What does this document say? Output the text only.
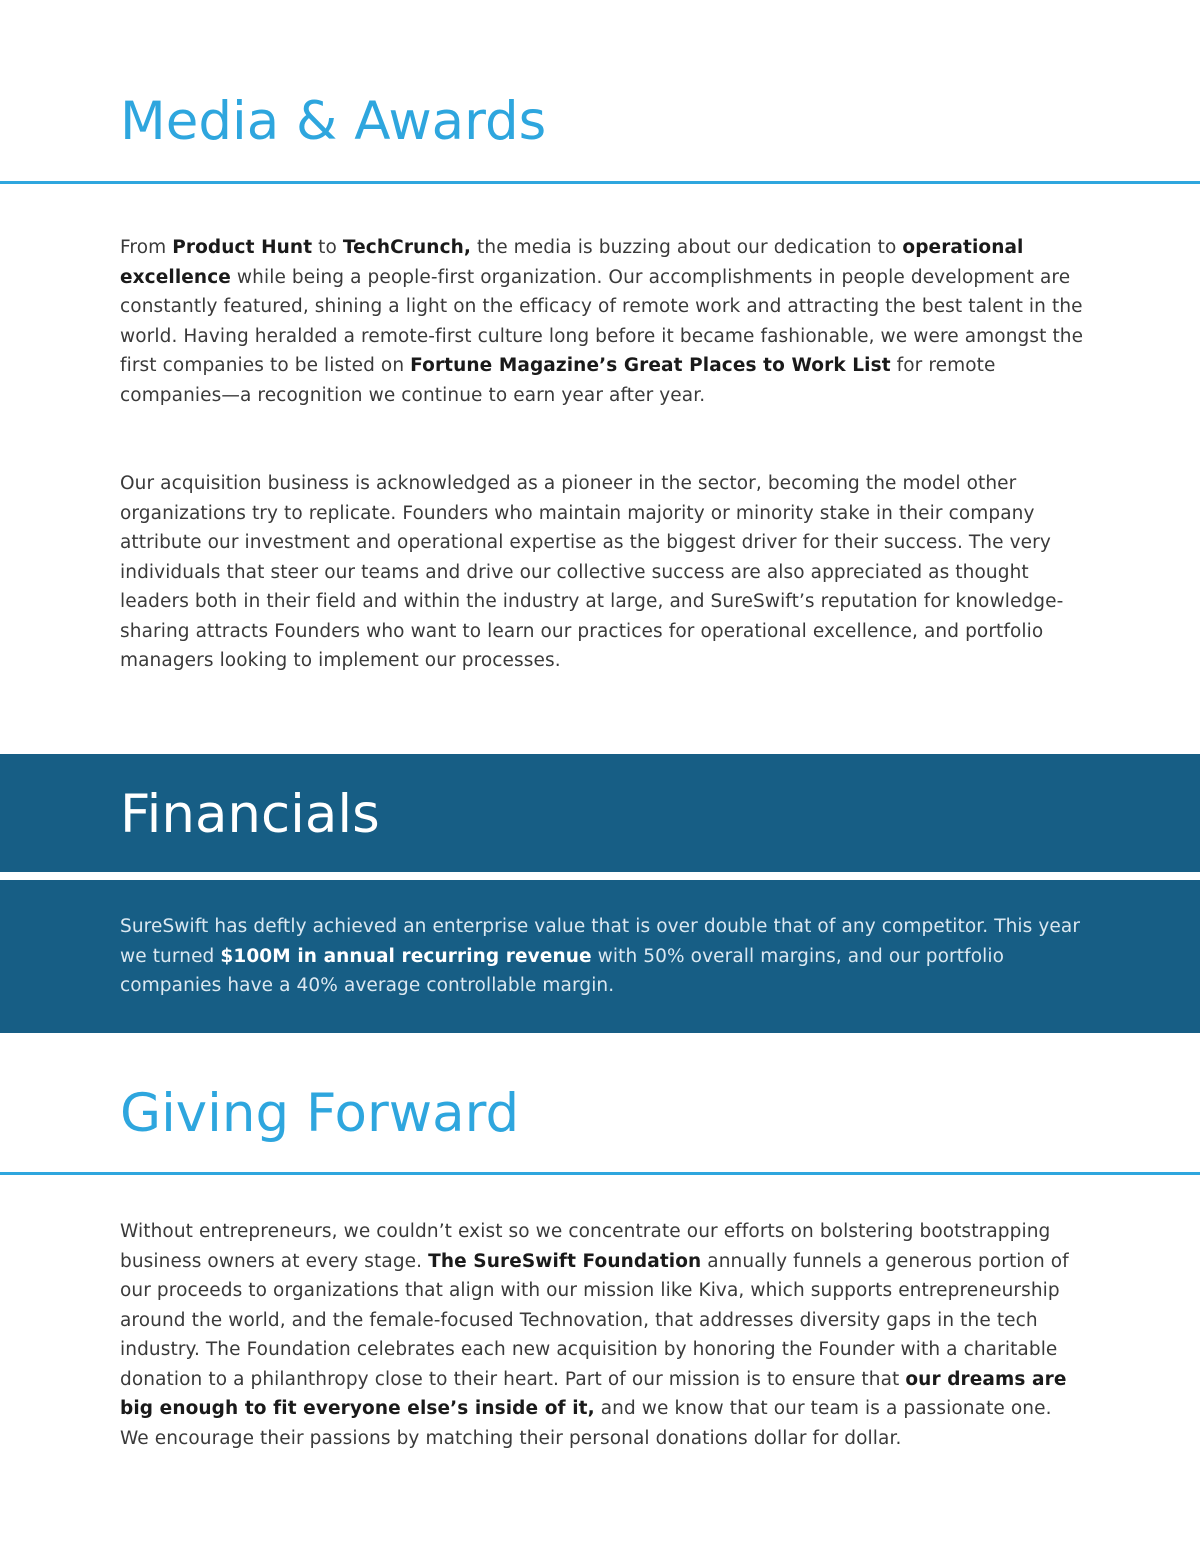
Media & Awards

From Product Hunt to TechCrunch, the media is buzzing about our dedication to operational excellence while being a people-first organization. Our accomplishments in people development are constantly featured, shining a light on the efficacy of remote work and attracting the best talent in the world. Having heralded a remote-first culture long before it became fashionable, we were amongst the first companies to be listed on Fortune Magazine’s Great Places to Work List for remote companies—a recognition we continue to earn year after year.

Our acquisition business is acknowledged as a pioneer in the sector, becoming the model other organizations try to replicate. Founders who maintain majority or minority stake in their company attribute our investment and operational expertise as the biggest driver for their success. The very individuals that steer our teams and drive our collective success are also appreciated as thought leaders both in their field and within the industry at large, and SureSwift’s reputation for knowledge-sharing attracts Founders who want to learn our practices for operational excellence, and portfolio managers looking to implement our processes.

Financials

SureSwift has deftly achieved an enterprise value that is over double that of any competitor. This year we turned $100M in annual recurring revenue with 50% overall margins, and our portfolio companies have a 40% average controllable margin.

Giving Forward

Without entrepreneurs, we couldn’t exist so we concentrate our efforts on bolstering bootstrapping business owners at every stage. The SureSwift Foundation annually funnels a generous portion of our proceeds to organizations that align with our mission like Kiva, which supports entrepreneurship around the world, and the female-focused Technovation, that addresses diversity gaps in the tech industry. The Foundation celebrates each new acquisition by honoring the Founder with a charitable donation to a philanthropy close to their heart. Part of our mission is to ensure that our dreams are big enough to fit everyone else’s inside of it, and we know that our team is a passionate one. We encourage their passions by matching their personal donations dollar for dollar.
